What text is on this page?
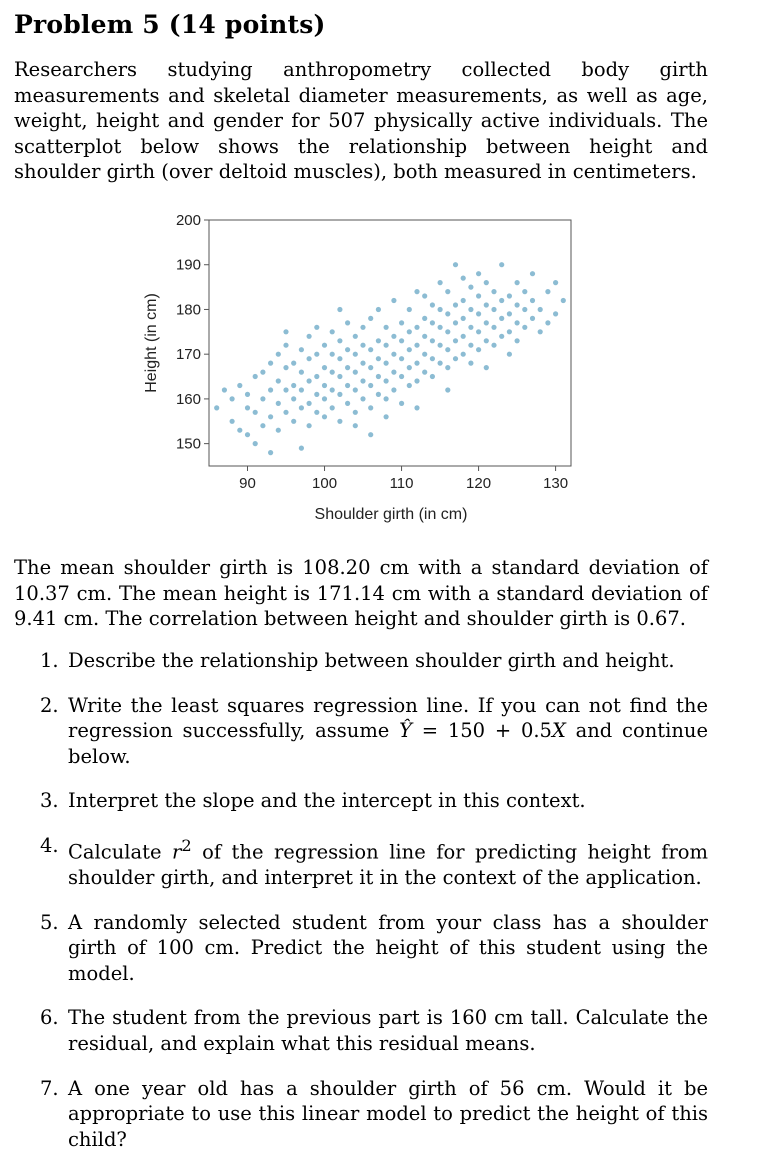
Problem 5 (14 points)

Researchers studying anthropometry collected body girth measurements and skeletal diameter measurements, as well as age, weight, height and gender for 507 physically active individuals. The scatterplot below shows the relationship between height and shoulder girth (over deltoid muscles), both measured in centimeters.

150
160
170
180
190
200
90	100	110	120	130
Shoulder girth (in cm)
Height (in cm)

The mean shoulder girth is 108.20 cm with a standard deviation of 10.37 cm. The mean height is 171.14 cm with a standard deviation of 9.41 cm. The correlation between height and shoulder girth is 0.67.

1. Describe the relationship between shoulder girth and height.
2. Write the least squares regression line. If you can not find the regression successfully, assume Ŷ = 150 + 0.5X and continue below.
3. Interpret the slope and the intercept in this context.
4. Calculate $r^2$ of the regression line for predicting height from shoulder girth, and interpret it in the context of the application.
5. A randomly selected student from your class has a shoulder girth of 100 cm. Predict the height of this student using the model.
6. The student from the previous part is 160 cm tall. Calculate the residual, and explain what this residual means.
7. A one year old has a shoulder girth of 56 cm. Would it be appropriate to use this linear model to predict the height of this child?
